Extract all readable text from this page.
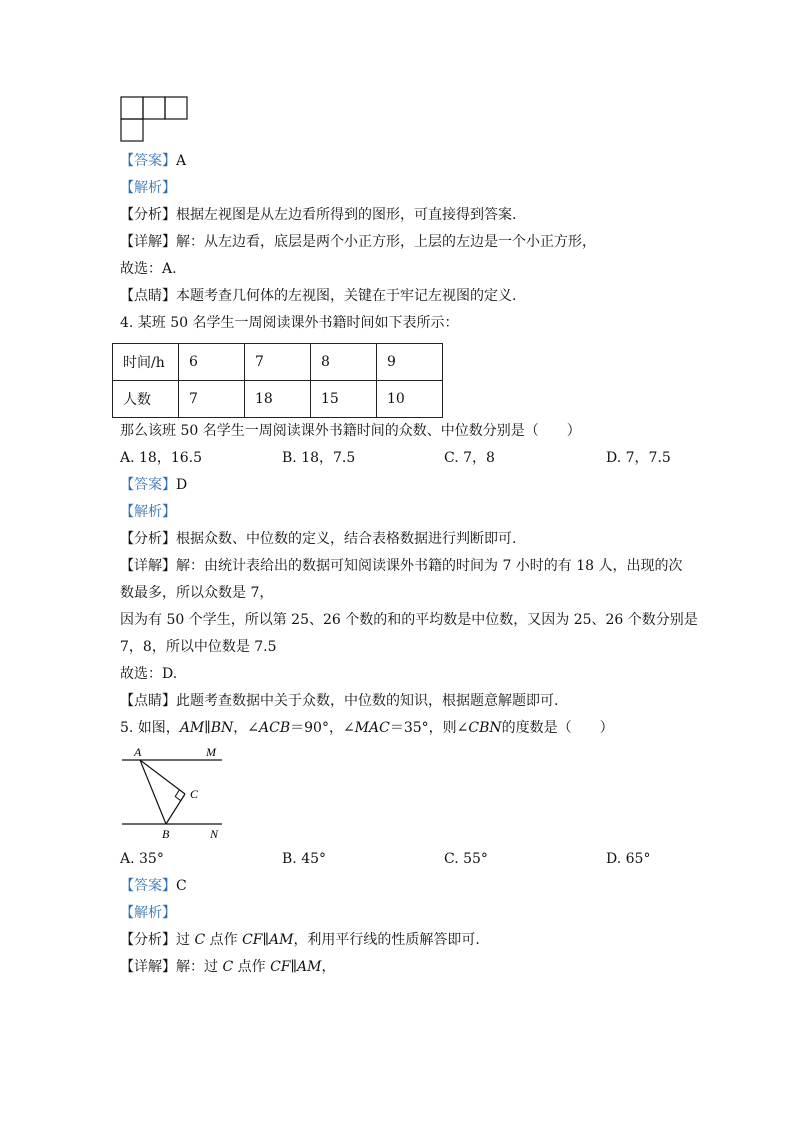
【答案】A
【解析】
【分析】根据左视图是从左边看所得到的图形，可直接得到答案.
【详解】解：从左边看，底层是两个小正方形，上层的左边是一个小正方形，
故选：A.
【点睛】本题考查几何体的左视图，关键在于牢记左视图的定义.
4. 某班 50 名学生一周阅读课外书籍时间如下表所示：
时间/h	6	7	8	9
人数	7	18	15	10
那么该班 50 名学生一周阅读课外书籍时间的众数、中位数分别是（　　）
A. 18，16.5	B. 18，7.5	C. 7，8	D. 7，7.5
【答案】D
【解析】
【分析】根据众数、中位数的定义，结合表格数据进行判断即可.
【详解】解：由统计表给出的数据可知阅读课外书籍的时间为 7 小时的有 18 人，出现的次
数最多，所以众数是 7，
因为有 50 个学生，所以第 25、26 个数的和的平均数是中位数，又因为 25、26 个数分别是
7，8，所以中位数是 7.5
故选：D.
【点睛】此题考查数据中关于众数，中位数的知识，根据题意解题即可.
5. 如图，AM∥BN，∠ACB＝90°，∠MAC＝35°，则∠CBN的度数是（　　）
A	M
C
B	N
A. 35°	B. 45°	C. 55°	D. 65°
【答案】C
【解析】
【分析】过 C 点作 CF∥AM，利用平行线的性质解答即可.
【详解】解：过 C 点作 CF∥AM，
